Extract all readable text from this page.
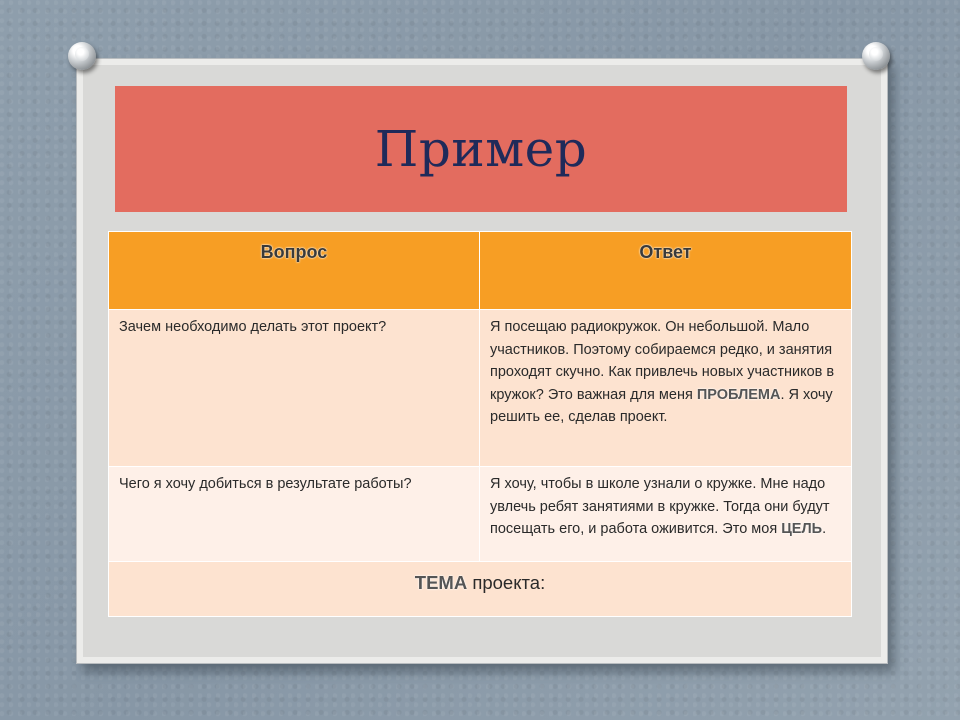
Пример
Вопрос	Ответ
Зачем необходимо делать этот проект?	Я посещаю радиокружок. Он небольшой. Мало участников. Поэтому собираемся редко, и занятия проходят скучно. Как привлечь новых участников в кружок? Это важная для меня ПРОБЛЕМА. Я хочу решить ее, сделав проект.
Чего я хочу добиться в результате работы?	Я хочу, чтобы в школе узнали о кружке. Мне надо увлечь ребят занятиями в кружке. Тогда они будут посещать его, и работа оживится. Это моя ЦЕЛЬ.
ТЕМА проекта:	
